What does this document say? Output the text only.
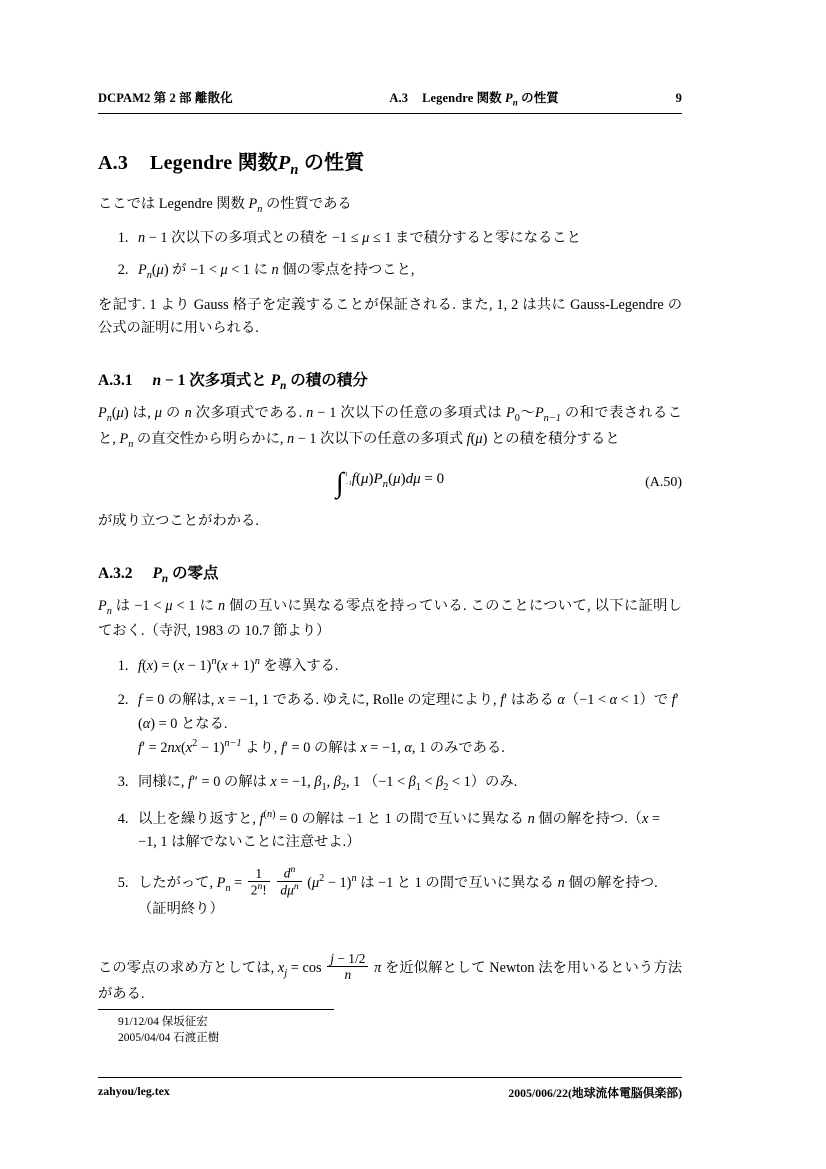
DCPAM2 第 2 部 離散化	A.3 Legendre 関数 $P_n$ の性質	9
A.3 Legendre 関数$P_n$ の性質

ここでは Legendre 関数 $P_n$ の性質である

1. n − 1 次以下の多項式との積を −1 ≤ μ ≤ 1 まで積分すると零になること
2. $P_n(\mu)$ が −1 < μ < 1 に n 個の零点を持つこと,

を記す. 1 より Gauss 格子を定義することが保証される. また, 1, 2 は共に Gauss-Legendre の公式の証明に用いられる.

A.3.1 n − 1 次多項式と $P_n$ の積の積分

$P_n(\mu)$ は, μ の n 次多項式である. n − 1 次以下の任意の多項式は $P_0$〜$P_{n-1}$ の和で表されること, $P_n$ の直交性から明らかに, n − 1 次以下の任意の多項式 f(μ) との積を積分すると

∫ 1
−1 $f(\mu)P_n(\mu)d\mu = 0$	(A.50)

が成り立つことがわかる.

A.3.2 $P_n$ の零点

$P_n$ は −1 < μ < 1 に n 個の互いに異なる零点を持っている. このことについて, 以下に証明しておく.（寺沢, 1983 の 10.7 節より）

1. $f(x) = (x - 1)^n(x + 1)^n$ を導入する.
2. f = 0 の解は, x = −1, 1 である. ゆえに, Rolle の定理により, f′ はある α（−1 < α < 1）で f′(α) = 0 となる.
$f' = 2nx(x^2 - 1)^{n-1}$ より, f′ = 0 の解は x = −1, α, 1 のみである.
3. 同様に, f″ = 0 の解は x = −1, $\beta_1$, $\beta_2$, 1 $(-1 < \beta_1 < \beta_2 < 1)$のみ.
4. 以上を繰り返すと, $f^{(n)} = 0$ の解は −1 と 1 の間で互いに異なる n 個の解を持つ.（x = −1, 1 は解でないことに注意せよ.）
5. したがって, $P_n = \frac{1}{2^n!}$
$\frac{d^n}{d\mu^n} (\mu^2 - 1)^n$ は −1 と 1 の間で互いに異なる n 個の解を持つ.（証明終り）

この零点の求め方としては, $x_j = \cos \frac{j - 1/2}{n}$ π を近似解として Newton 法を用いるという方法がある.

91/12/04 保坂征宏
2005/04/04 石渡正樹
zahyou/leg.tex	2005/006/22(地球流体電脳倶楽部)
